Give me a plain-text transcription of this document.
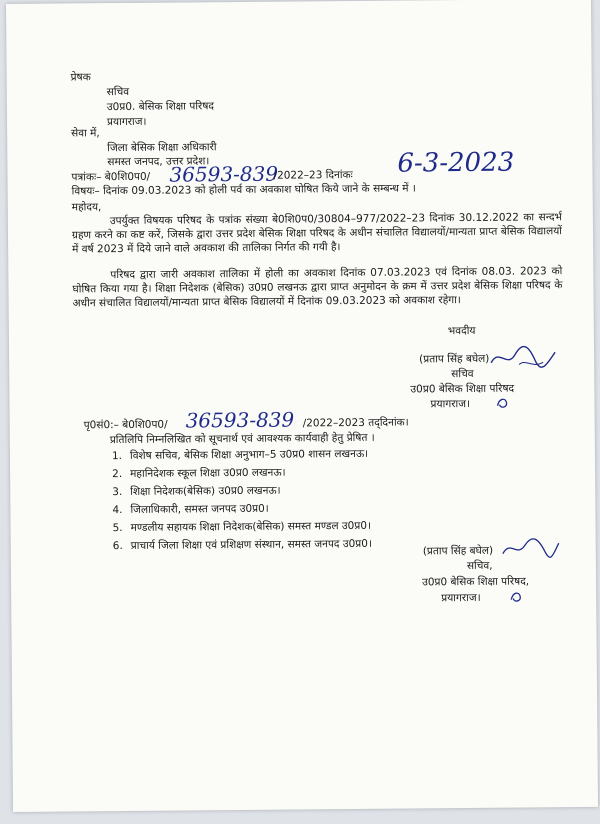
प्रेषक
सचिव
उ0प्र0. बेसिक शिक्षा परिषद
प्रयागराज।
सेवा में,
जिला बेसिक शिक्षा अधिकारी
समस्त जनपद, उत्तर प्रदेश।
पत्रांकः– बे0शि0प0/ 36593-839
/2022–23 दिनांकः 6-3-2023
विषयः– दिनांक 09.03.2023 को होली पर्व का अवकाश घोषित किये जाने के सम्बन्ध में ।
महोदय,
उपर्युक्त विषयक परिषद के पत्रांक संख्या बे0शि0प0/30804–977/2022–23 दिनांक 30.12.2022 का सन्दर्भ ग्रहण करने का कष्ट करें, जिसके द्वारा उत्तर प्रदेश बेसिक शिक्षा परिषद के अधीन संचालित विद्यालयों/मान्यता प्राप्त बेसिक विद्यालयों में वर्ष 2023 में दिये जाने वाले अवकाश की तालिका निर्गत की गयी है।
परिषद द्वारा जारी अवकाश तालिका में होली का अवकाश दिनांक 07.03.2023 एवं दिनांक 08.03. 2023 को घोषित किया गया है। शिक्षा निदेशक (बेसिक) उ0प्र0 लखनऊ द्वारा प्राप्त अनुमोदन के क्रम में उत्तर प्रदेश बेसिक शिक्षा परिषद के अधीन संचालित विद्यालयों/मान्यता प्राप्त बेसिक विद्यालयों में दिनांक 09.03.2023 को अवकाश रहेगा।
भवदीय
(प्रताप सिंह बघेल)
सचिव
उ0प्र0 बेसिक शिक्षा परिषद
प्रयागराज।
पृ0सं0:– बे0शि0प0/ 36593-839 /2022–2023 तद्‌दिनांक।
प्रतिलिपि निम्नलिखित को सूचनार्थ एवं आवश्यक कार्यवाही हेतु प्रेषित ।
1. विशेष सचिव, बेसिक शिक्षा अनुभाग–5 उ0प्र0 शासन लखनऊ।
2. महानिदेशक स्कूल शिक्षा उ0प्र0 लखनऊ।
3. शिक्षा निदेशक(बेसिक) उ0प्र0 लखनऊ।
4. जिलाधिकारी, समस्त जनपद उ0प्र0।
5. मण्डलीय सहायक शिक्षा निदेशक(बेसिक) समस्त मण्डल उ0प्र0।
6. प्राचार्य जिला शिक्षा एवं प्रशिक्षण संस्थान, समस्त जनपद उ0प्र0।	(प्रताप सिंह बघेल)
सचिव,
उ0प्र0 बेसिक शिक्षा परिषद,
प्रयागराज।
